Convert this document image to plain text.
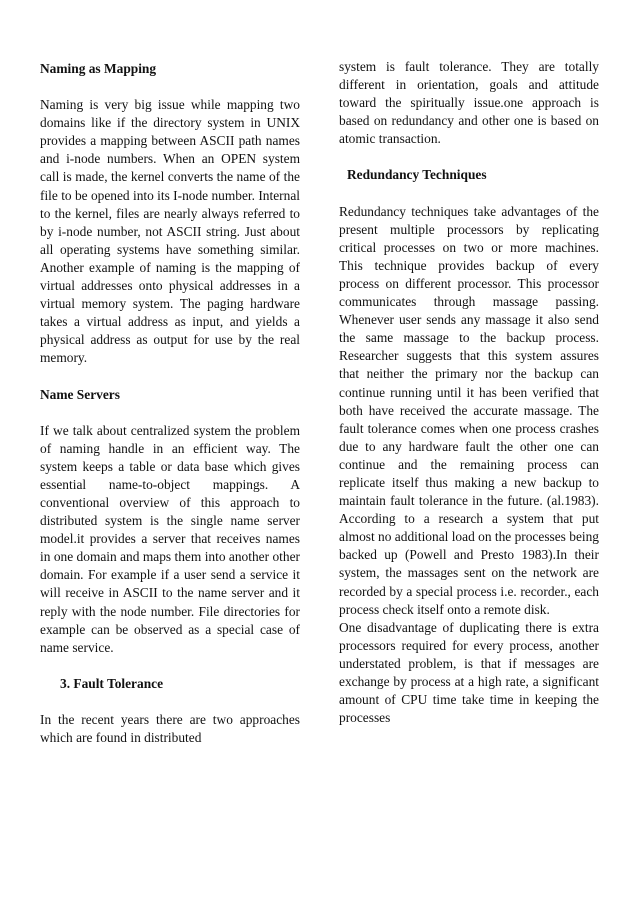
Naming as Mapping

Naming is very big issue while mapping two domains like if the directory system in UNIX provides a mapping between ASCII path names and i-node numbers. When an OPEN system call is made, the kernel converts the name of the file to be opened into its I-node number. Internal to the kernel, files are nearly always referred to by i-node number, not ASCII string. Just about all operating systems have something similar. Another example of naming is the mapping of virtual addresses onto physical addresses in a virtual memory system. The paging hardware takes a virtual address as input, and yields a physical address as output for use by the real memory.

Name Servers

If we talk about centralized system the problem of naming handle in an efficient way. The system keeps a table or data base which gives essential name-to-object mappings. A conventional overview of this approach to distributed system is the single name server model.it provides a server that receives names in one domain and maps them into another other domain. For example if a user send a service it will receive in ASCII to the name server and it reply with the node number. File directories for example can be observed as a special case of name service.

3. Fault Tolerance

In the recent years there are two approaches which are found in distributed

system is fault tolerance. They are totally different in orientation, goals and attitude toward the spiritually issue.one approach is based on redundancy and other one is based on atomic transaction.

Redundancy Techniques

Redundancy techniques take advantages of the present multiple processors by replicating critical processes on two or more machines. This technique provides backup of every process on different processor. This processor communicates through massage passing. Whenever user sends any massage it also send the same massage to the backup process. Researcher suggests that this system assures that neither the primary nor the backup can continue running until it has been verified that both have received the accurate massage. The fault tolerance comes when one process crashes due to any hardware fault the other one can continue and the remaining process can replicate itself thus making a new backup to maintain fault tolerance in the future. (al.1983). According to a research a system that put almost no additional load on the processes being backed up (Powell and Presto 1983).In their system, the massages sent on the network are recorded by a special process i.e. recorder., each process check itself onto a remote disk.

One disadvantage of duplicating there is extra processors required for every process, another understated problem, is that if messages are exchange by process at a high rate, a significant amount of CPU time take time in keeping the processes
